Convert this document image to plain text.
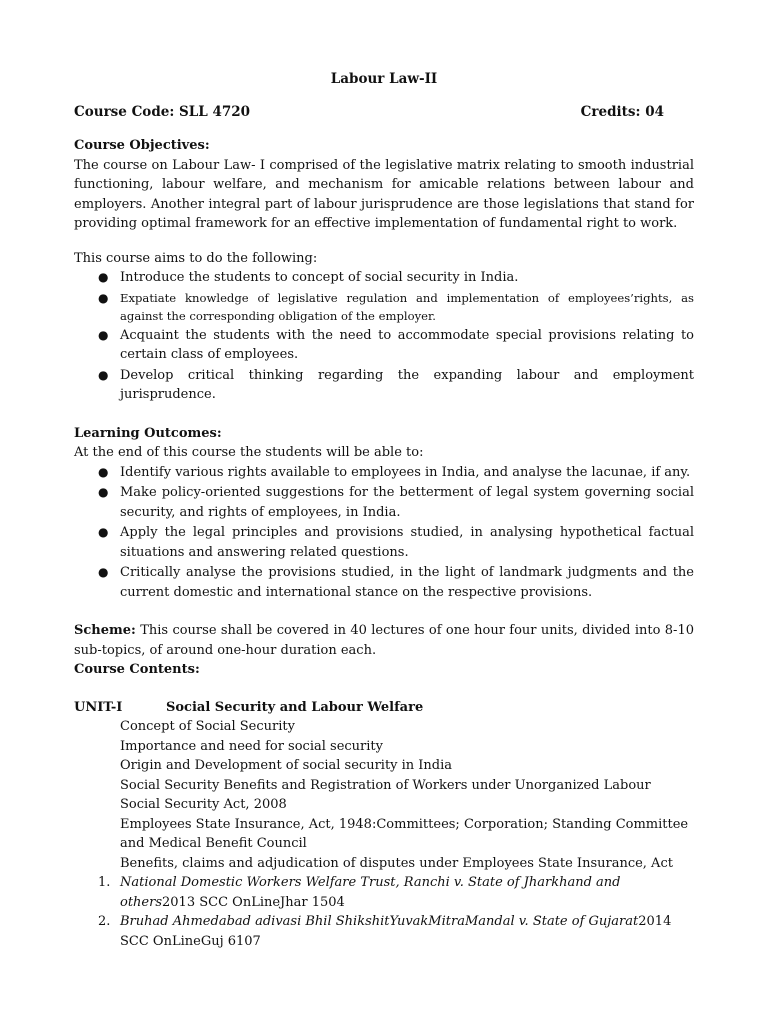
Labour Law-II
Course Code: SLL 4720	Credits: 04

Course Objectives:

The course on Labour Law- I comprised of the legislative matrix relating to smooth industrial functioning, labour welfare, and mechanism for amicable relations between labour and employers. Another integral part of labour jurisprudence are those legislations that stand for providing optimal framework for an effective implementation of fundamental right to work.

This course aims to do the following:

● Introduce the students to concept of social security in India.
● Expatiate knowledge of legislative regulation and implementation of employees’rights, as against the corresponding obligation of the employer.
● Acquaint the students with the need to accommodate special provisions relating to certain class of employees.
● Develop critical thinking regarding the expanding labour and employment jurisprudence.

Learning Outcomes:

At the end of this course the students will be able to:

● Identify various rights available to employees in India, and analyse the lacunae, if any.
● Make policy-oriented suggestions for the betterment of legal system governing social security, and rights of employees, in India.
● Apply the legal principles and provisions studied, in analysing hypothetical factual situations and answering related questions.
● Critically analyse the provisions studied, in the light of landmark judgments and the current domestic and international stance on the respective provisions.

Scheme: This course shall be covered in 40 lectures of one hour four units, divided into 8-10 sub-topics, of around one-hour duration each.

Course Contents:

UNIT-I	Social Security and Labour Welfare
Concept of Social Security
Importance and need for social security
Origin and Development of social security in India
Social Security Benefits and Registration of Workers under Unorganized Labour Social Security Act, 2008
Employees State Insurance, Act, 1948:Committees; Corporation; Standing Committee and Medical Benefit Council
Benefits, claims and adjudication of disputes under Employees State Insurance, Act
1. National Domestic Workers Welfare Trust, Ranchi v. State of Jharkhand and others2013 SCC OnLineJhar 1504
2. Bruhad Ahmedabad adivasi Bhil ShikshitYuvakMitraMandal v. State of Gujarat2014 SCC OnLineGuj 6107
